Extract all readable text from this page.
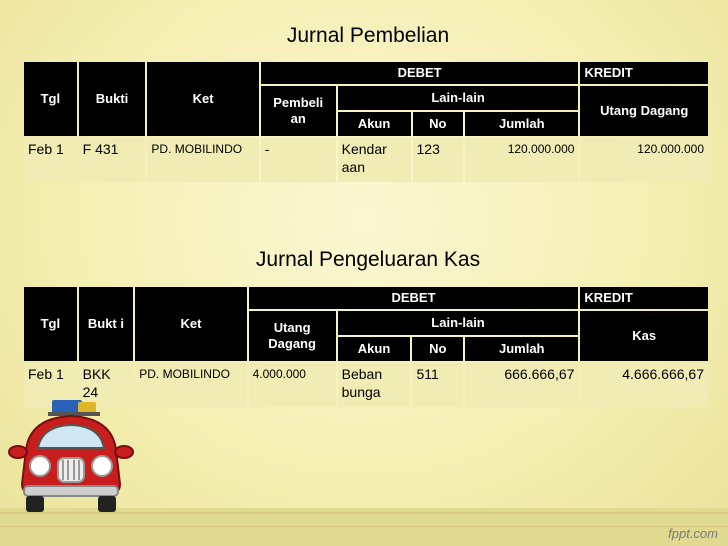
Jurnal Pembelian
Tgl	Bukti	Ket	DEBET				KREDIT
			Pembeli an	Lain-lain			Utang Dagang
				Akun	No	Jumlah	
Feb 1	F 431	PD. MOBILINDO	-	Kendar aan	123	120.000.000	120.000.000
Jurnal Pengeluaran Kas
Tgl	Bukt i	Ket	DEBET				KREDIT
			Utang Dagang	Lain-lain			Kas
				Akun	No	Jumlah	
Feb 1	BKK 24	PD. MOBILINDO	4.000.000	Beban bunga	511	666.666,67	4.666.666,67
fppt.com
